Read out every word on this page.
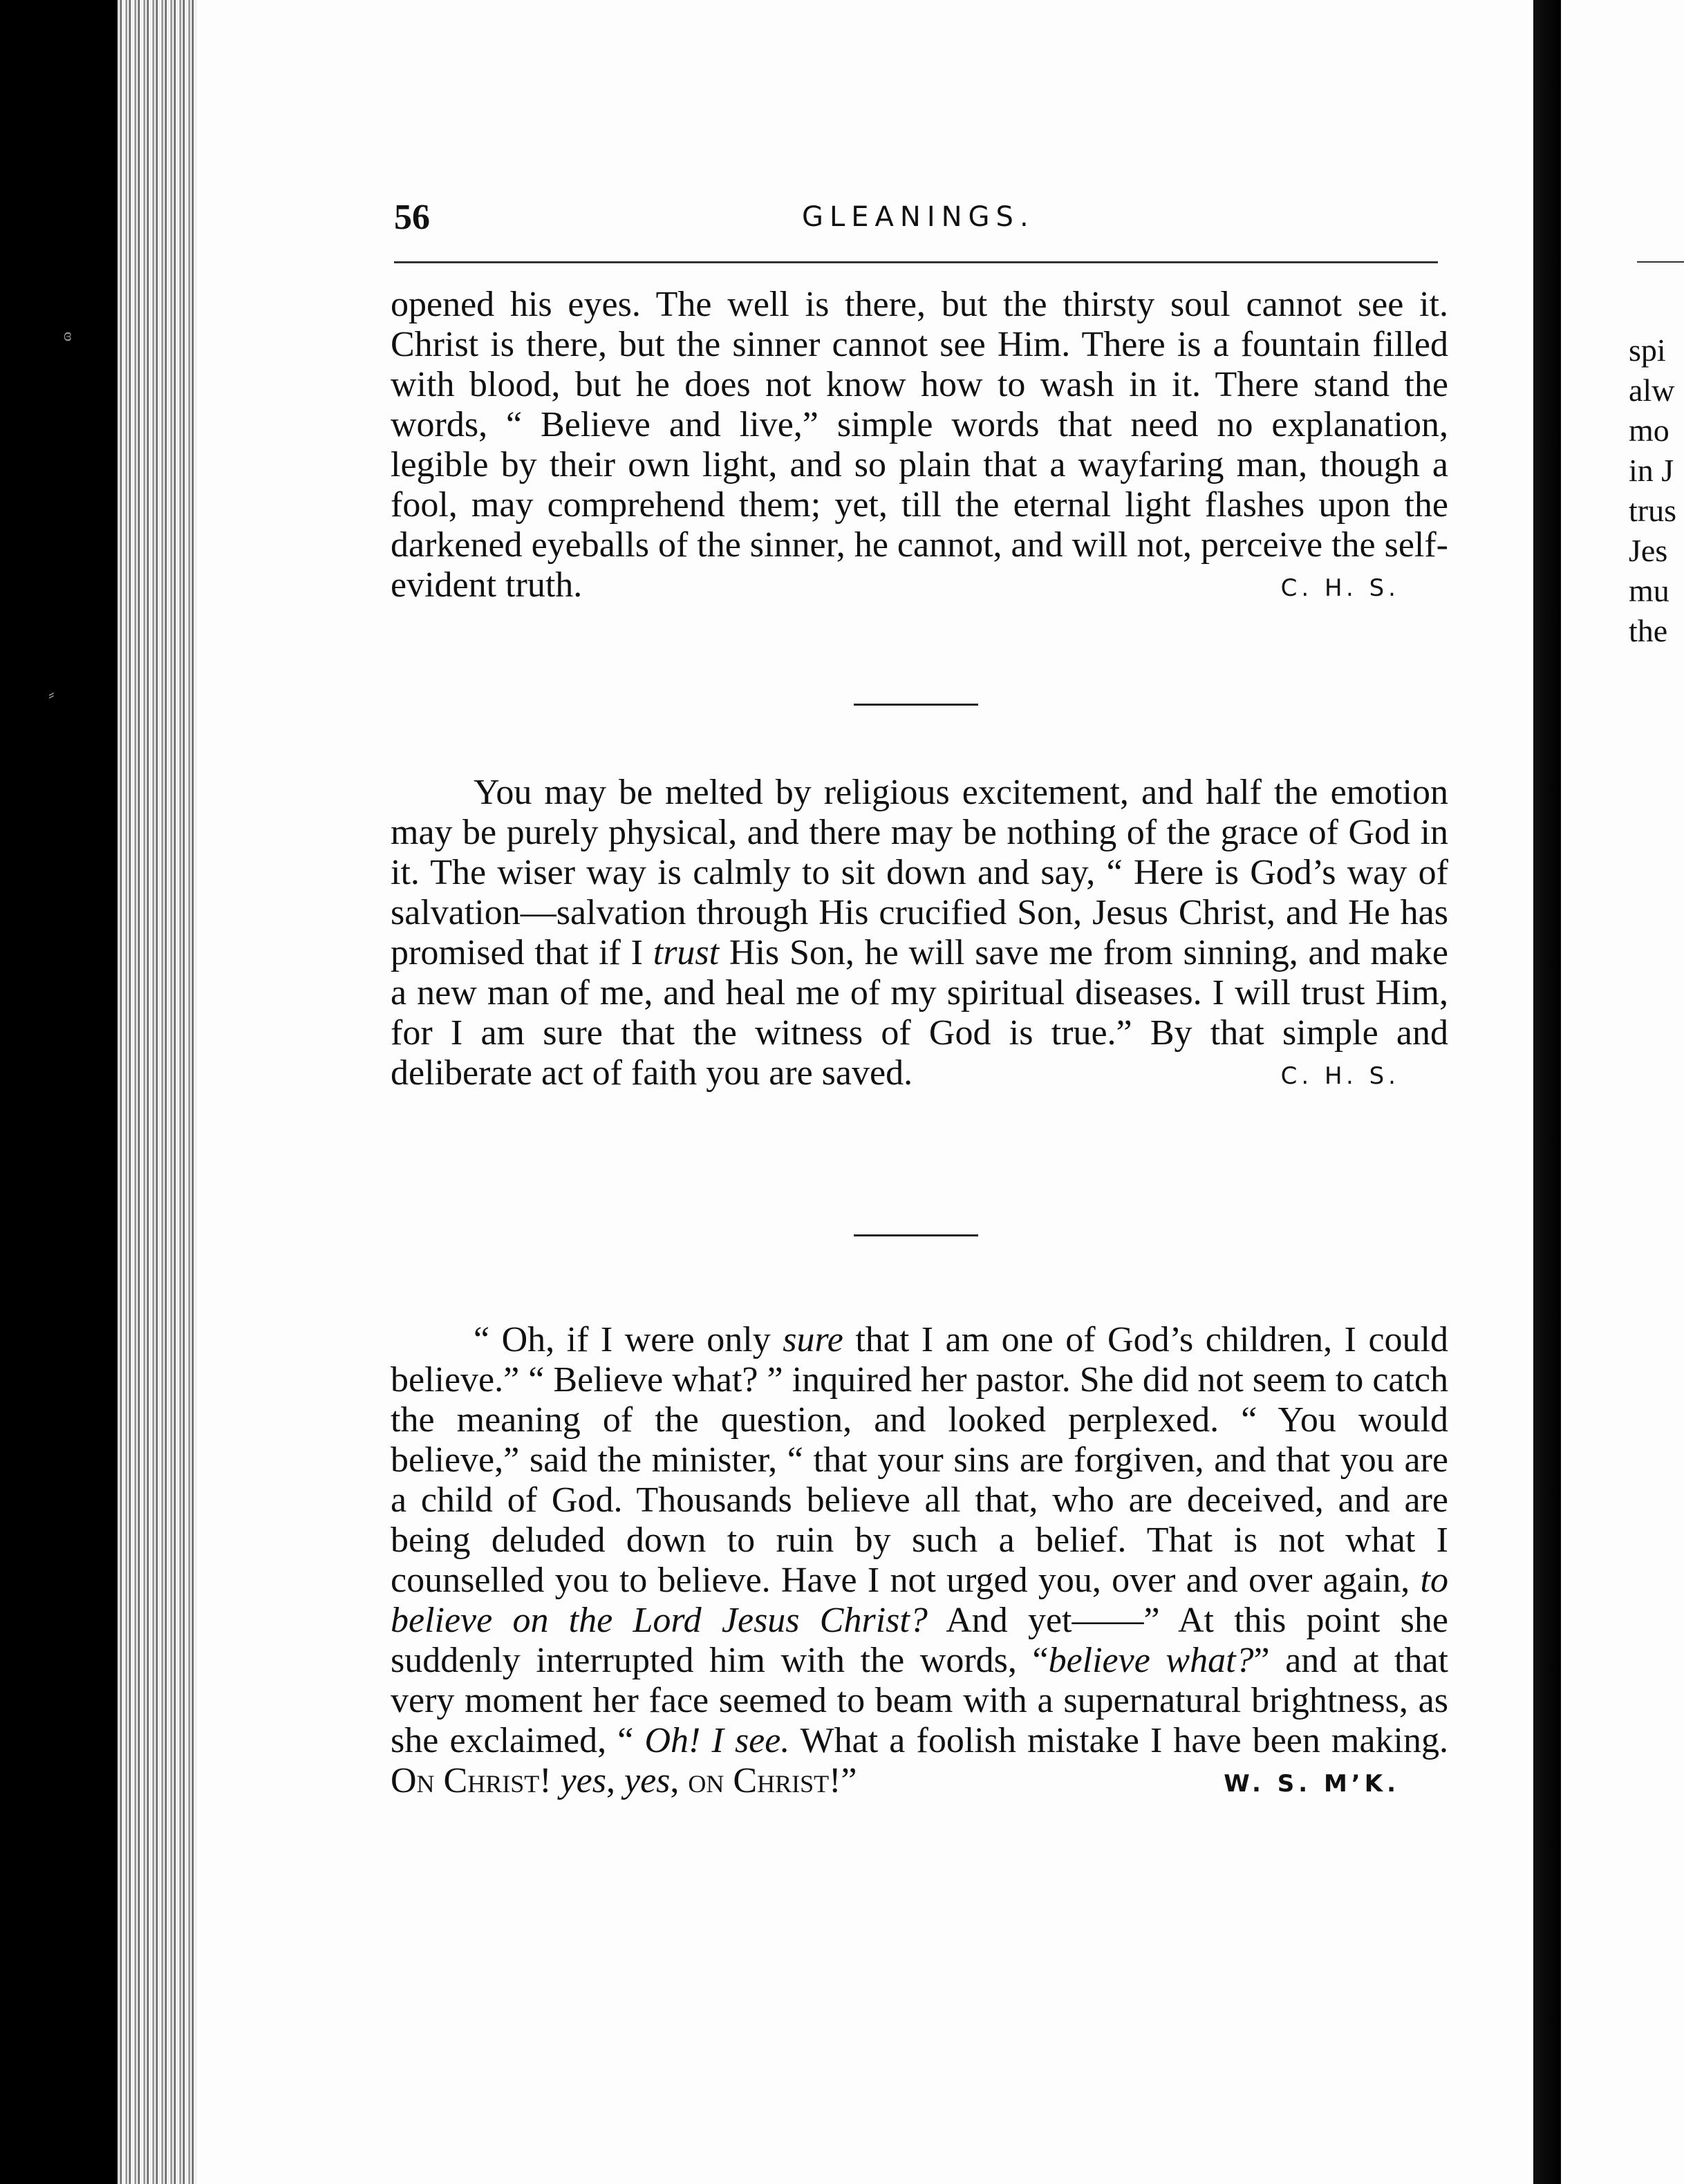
ɞ
⸗
56	GLEANINGS.

opened his eyes. The well is there, but the thirsty soul cannot see it. Christ is there, but the sinner cannot see Him. There is a fountain filled with blood, but he does not know how to wash in it. There stand the words, “ Believe and live,” simple words that need no explanation, legible by their own light, and so plain that a wayfaring man, though a fool, may comprehend them; yet, till the eternal light flashes upon the darkened eyeballs of the sinner, he cannot, and will not, perceive the self-evident truth.	C. H. S.

You may be melted by religious excitement, and half the emotion may be purely physical, and there may be nothing of the grace of God in it. The wiser way is calmly to sit down and say, “ Here is God’s way of salvation—salvation through His crucified Son, Jesus Christ, and He has promised that if I trust His Son, he will save me from sinning, and make a new man of me, and heal me of my spiritual diseases. I will trust Him, for I am sure that the witness of God is true.” By that simple and deliberate act of faith you are saved.	C. H. S.

“ Oh, if I were only sure that I am one of God’s children, I could believe.” “ Believe what? ” inquired her pastor. She did not seem to catch the meaning of the question, and looked perplexed. “ You would believe,” said the minister, “ that your sins are forgiven, and that you are a child of God. Thousands believe all that, who are deceived, and are being deluded down to ruin by such a belief. That is not what I counselled you to believe. Have I not urged you, over and over again, to believe on the Lord Jesus Christ? And yet——” At this point she suddenly interrupted him with the words, “believe what?” and at that very moment her face seemed to beam with a supernatural brightness, as she exclaimed, “ Oh! I see. What a foolish mistake I have been making. On Christ! yes, yes, on Christ!”	W. S. M’K.
spi
alw
mo
in J
trus
Jes
mu
the
